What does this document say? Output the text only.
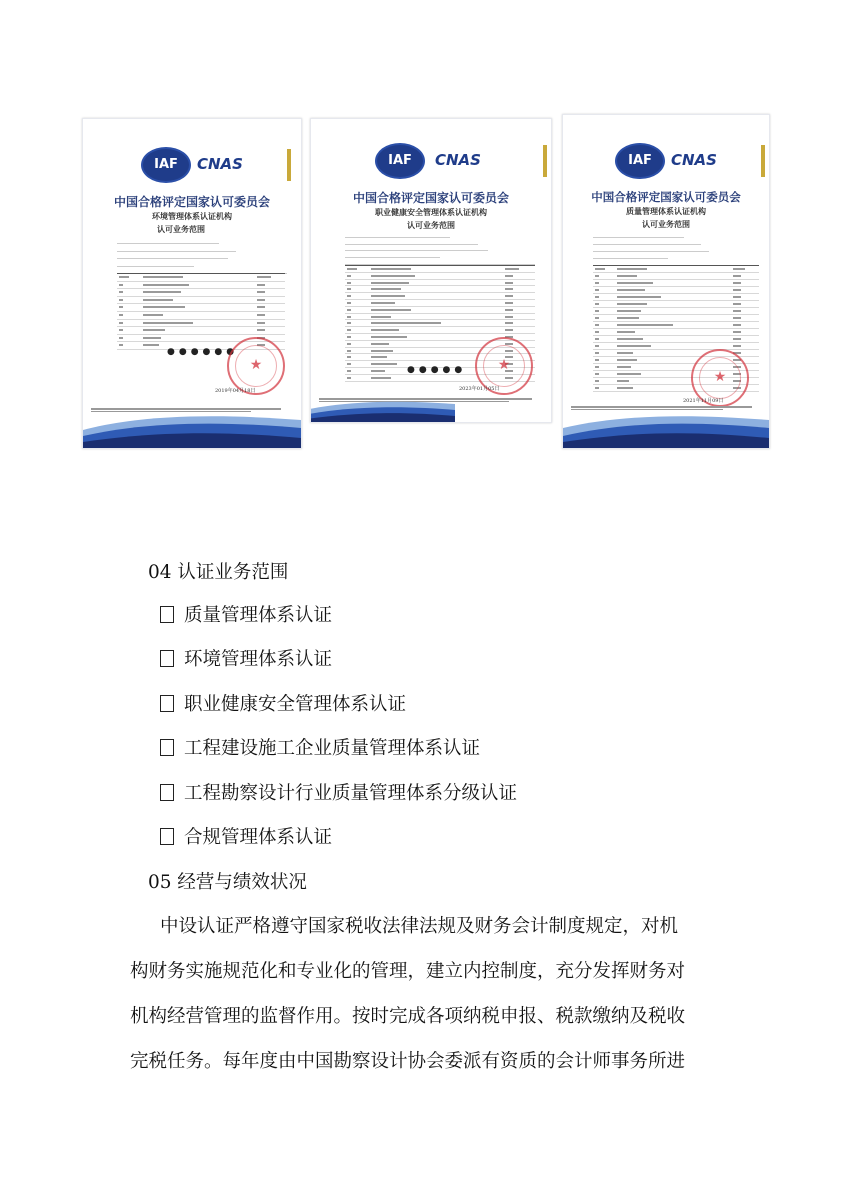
IAF	CNAS
中国合格评定国家认可委员会
环境管理体系认证机构
认可业务范围
●●●●●●
★
2019年04月18日
IAF	CNAS
中国合格评定国家认可委员会
职业健康安全管理体系认证机构
认可业务范围
●●●●●
★
2023年01月05日
IAF	CNAS
中国合格评定国家认可委员会
质量管理体系认证机构
认可业务范围
★
2021年11月09日
04 认证业务范围
质量管理体系认证
环境管理体系认证
职业健康安全管理体系认证
工程建设施工企业质量管理体系认证
工程勘察设计行业质量管理体系分级认证
合规管理体系认证
05 经营与绩效状况

中设认证严格遵守国家税收法律法规及财务会计制度规定，对机

构财务实施规范化和专业化的管理，建立内控制度，充分发挥财务对

机构经营管理的监督作用。按时完成各项纳税申报、税款缴纳及税收

完税任务。每年度由中国勘察设计协会委派有资质的会计师事务所进
